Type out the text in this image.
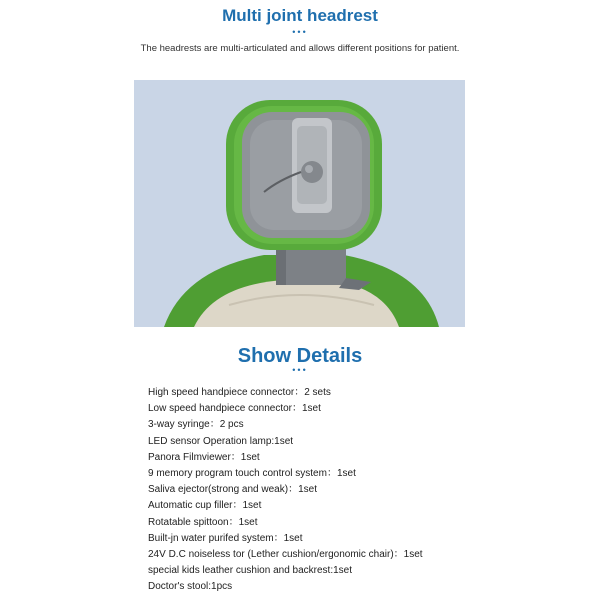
Multi joint headrest
•••
The headrests are multi-articulated and allows different positions for patient.
Show Details
•••
High speed handpiece connector：2 sets
Low speed handpiece connector：1set
3-way syringe：2 pcs
LED sensor Operation lamp:1set
Panora Filmviewer：1set
9 memory program touch control system：1set
Saliva ejector(strong and weak)：1set
Automatic cup filler：1set
Rotatable spittoon：1set
Built-jn water purifed system：1set
24V D.C noiseless tor (Lether cushion/ergonomic chair)：1set
special kids leather cushion and backrest:1set
Doctor's stool:1pcs
